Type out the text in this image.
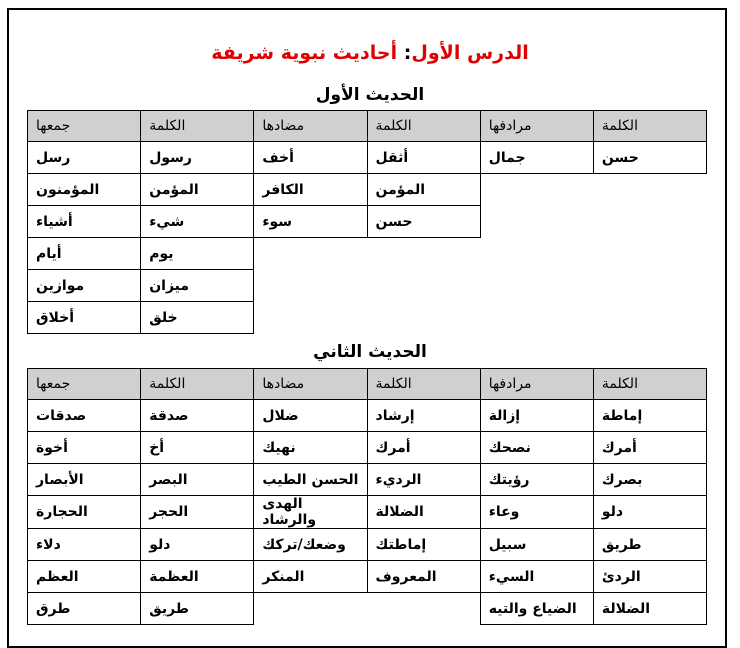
الدرس الأول: أحاديث نبوية شريفة
الحديث الأول
الكلمة	مرادفها	الكلمة	مضادها	الكلمة	جمعها
حسن	جمال	أثقل	أخف	رسول	رسل
		المؤمن	الكافر	المؤمن	المؤمنون
		حسن	سوء	شيء	أشياء
				يوم	أيام
				ميزان	موازين
				خلق	أخلاق
الحديث الثاني
الكلمة	مرادفها	الكلمة	مضادها	الكلمة	جمعها
إماطة	إزالة	إرشاد	ضلال	صدقة	صدقات
أمرك	نصحك	أمرك	نهيك	أخ	أخوة
بصرك	رؤيتك	الرديء	الحسن الطيب	البصر	الأبصار
دلو	وعاء	الضلالة	الهدى والرشاد	الحجر	الحجارة
طريق	سبيل	إماطتك	وضعك/تركك	دلو	دلاء
الردئ	السيء	المعروف	المنكر	العظمة	العظم
الضلالة	الضياع والتيه			طريق	طرق
